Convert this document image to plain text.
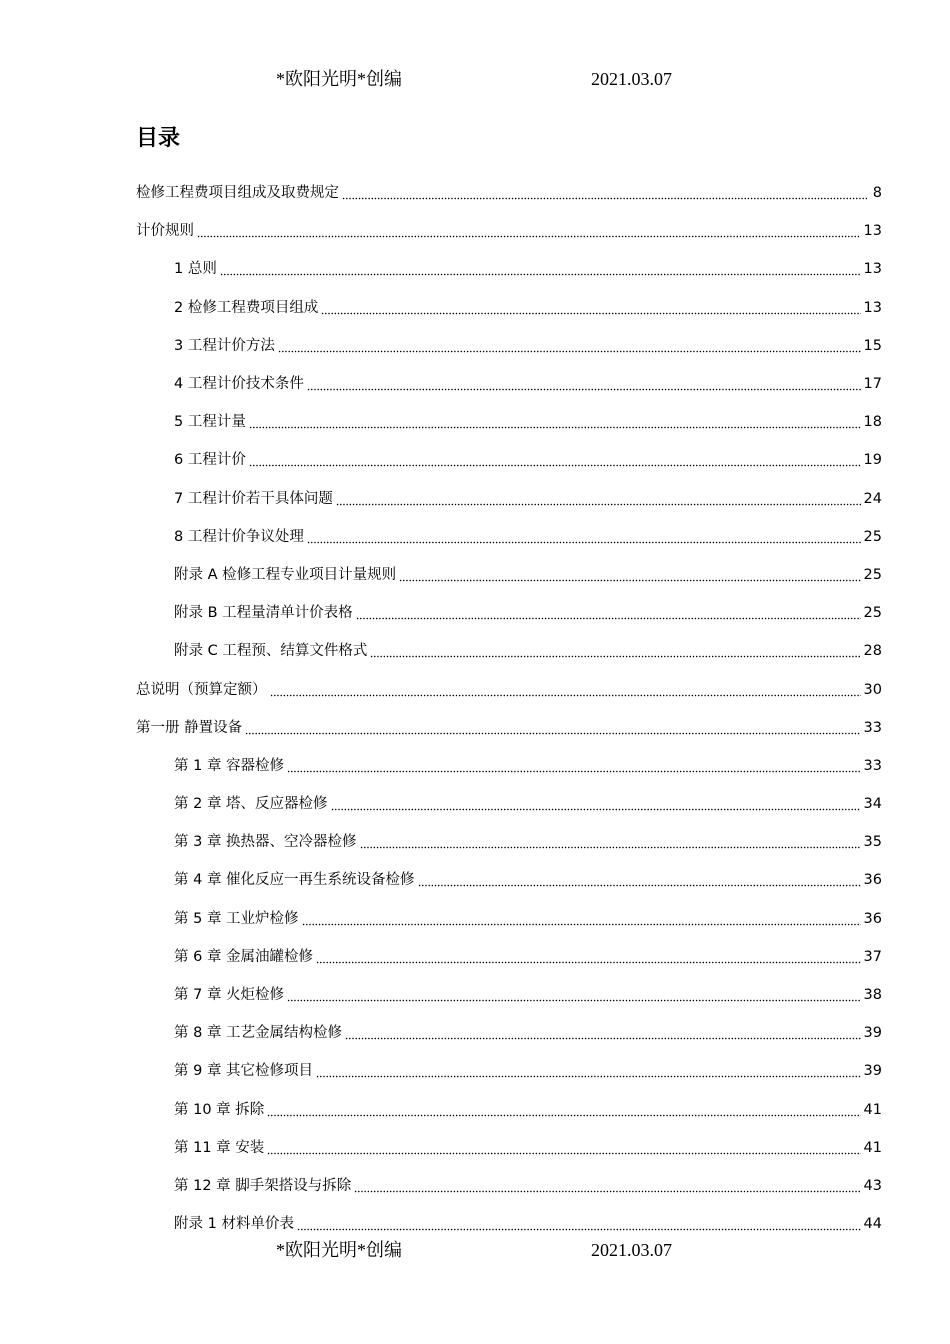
*欧阳光明*创编	2021.03.07
目录
检修工程费项目组成及取费规定	8
计价规则	13
1 总则	13
2 检修工程费项目组成	13
3 工程计价方法	15
4 工程计价技术条件	17
5 工程计量	18
6 工程计价	19
7 工程计价若干具体问题	24
8 工程计价争议处理	25
附录 A 检修工程专业项目计量规则	25
附录 B 工程量清单计价表格	25
附录 C 工程预、结算文件格式	28
总说明（预算定额）	30
第一册 静置设备	33
第 1 章 容器检修	33
第 2 章 塔、反应器检修	34
第 3 章 换热器、空冷器检修	35
第 4 章 催化反应一再生系统设备检修	36
第 5 章 工业炉检修	36
第 6 章 金属油罐检修	37
第 7 章 火炬检修	38
第 8 章 工艺金属结构检修	39
第 9 章 其它检修项目	39
第 10 章 拆除	41
第 11 章 安装	41
第 12 章 脚手架搭设与拆除	43
附录 1 材料单价表	44
*欧阳光明*创编	2021.03.07
